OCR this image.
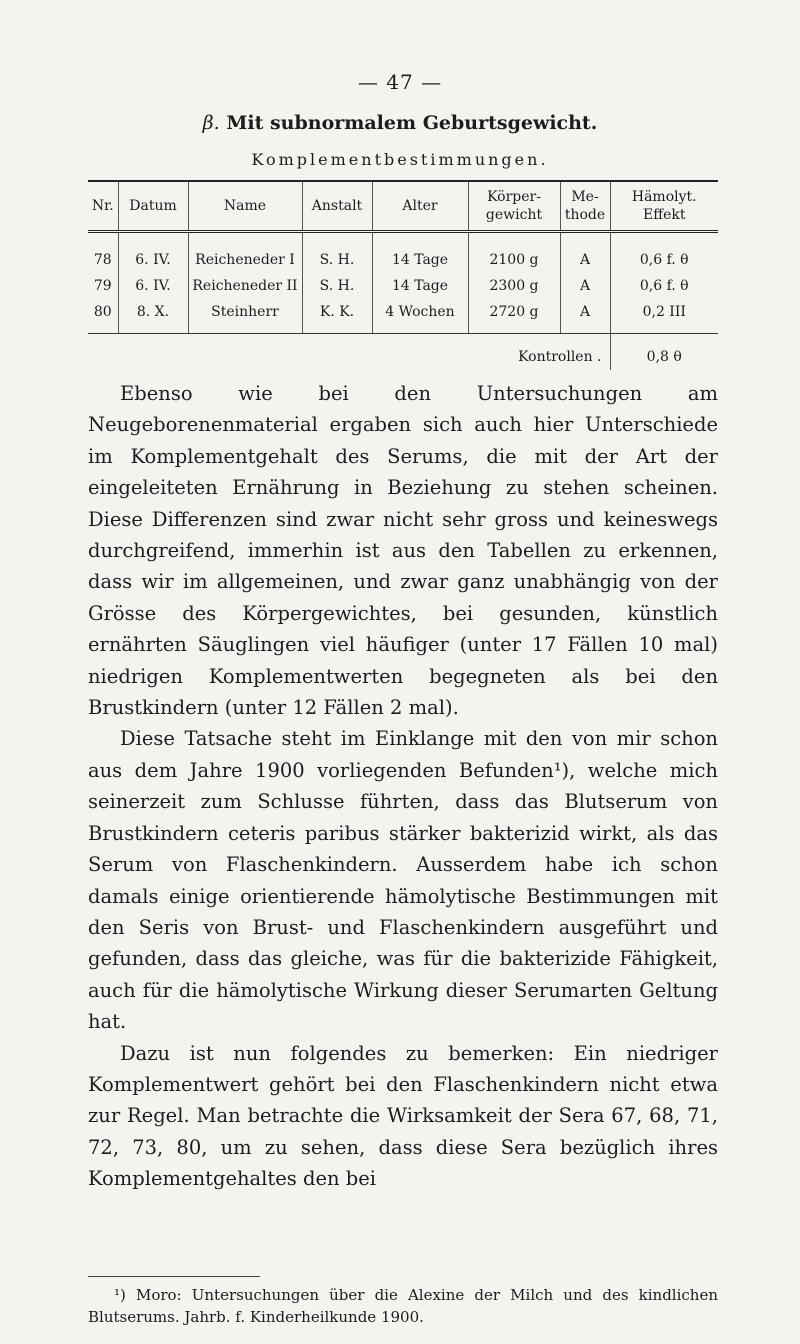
— 47 —
β. Mit subnormalem Geburtsgewicht.
Komplementbestimmungen.
Nr.	Datum	Name	Anstalt	Alter	Körper-gewicht	Me-thode	Hämolyt. Effekt
78	6. IV.	Reicheneder I	S. H.	14 Tage	2100 g	A	0,6 f. θ
79	6. IV.	Reicheneder II	S. H.	14 Tage	2300 g	A	0,6 f. θ
80	8. X.	Steinherr	K. K.	4 Wochen	2720 g	A	0,2 III
					Kontrollen .		0,8 θ

Ebenso wie bei den Untersuchungen am Neugeborenenmaterial ergaben sich auch hier Unterschiede im Komplementgehalt des Serums, die mit der Art der eingeleiteten Ernährung in Beziehung zu stehen scheinen. Diese Differenzen sind zwar nicht sehr gross und keineswegs durchgreifend, immerhin ist aus den Tabellen zu erkennen, dass wir im allgemeinen, und zwar ganz unabhängig von der Grösse des Körpergewichtes, bei gesunden, künstlich ernährten Säuglingen viel häufiger (unter 17 Fällen 10 mal) niedrigen Komplementwerten begegneten als bei den Brustkindern (unter 12 Fällen 2 mal).

Diese Tatsache steht im Einklange mit den von mir schon aus dem Jahre 1900 vorliegenden Befunden¹), welche mich seinerzeit zum Schlusse führten, dass das Blutserum von Brustkindern ceteris paribus stärker bakterizid wirkt, als das Serum von Flaschenkindern. Ausserdem habe ich schon damals einige orientierende hämolytische Bestimmungen mit den Seris von Brust- und Flaschenkindern ausgeführt und gefunden, dass das gleiche, was für die bakterizide Fähigkeit, auch für die hämolytische Wirkung dieser Serumarten Geltung hat.

Dazu ist nun folgendes zu bemerken: Ein niedriger Komplementwert gehört bei den Flaschenkindern nicht etwa zur Regel. Man betrachte die Wirksamkeit der Sera 67, 68, 71, 72, 73, 80, um zu sehen, dass diese Sera bezüglich ihres Komplementgehaltes den bei

¹) Moro: Untersuchungen über die Alexine der Milch und des kindlichen Blutserums. Jahrb. f. Kinderheilkunde 1900.
